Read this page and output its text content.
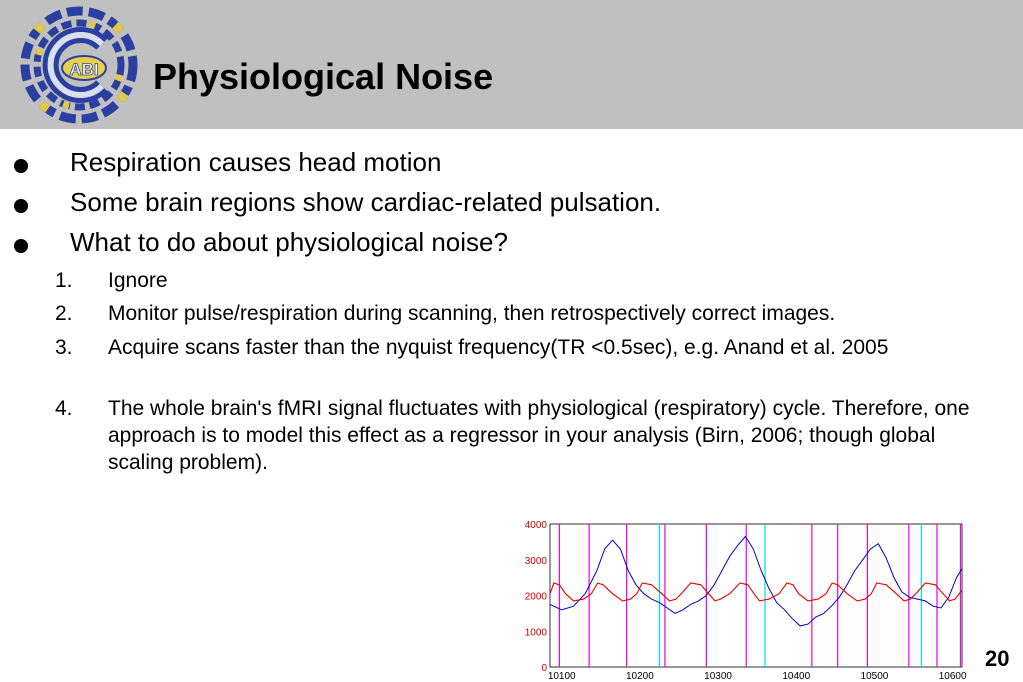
ABI Physiological Noise
Respiration causes head motion
Some brain regions show cardiac-related pulsation.
What to do about physiological noise?
1. Ignore
2. Monitor pulse/respiration during scanning, then retrospectively correct images.
3. Acquire scans faster than the nyquist frequency(TR <0.5sec), e.g. Anand et al. 2005
4. The whole brain's fMRI signal fluctuates with physiological (respiratory) cycle. Therefore, one approach is to model this effect as a regressor in your analysis (Birn, 2006; though global scaling problem).
0
1000
2000
3000
4000
10100	10200	10300	10400	10500	10600
20
